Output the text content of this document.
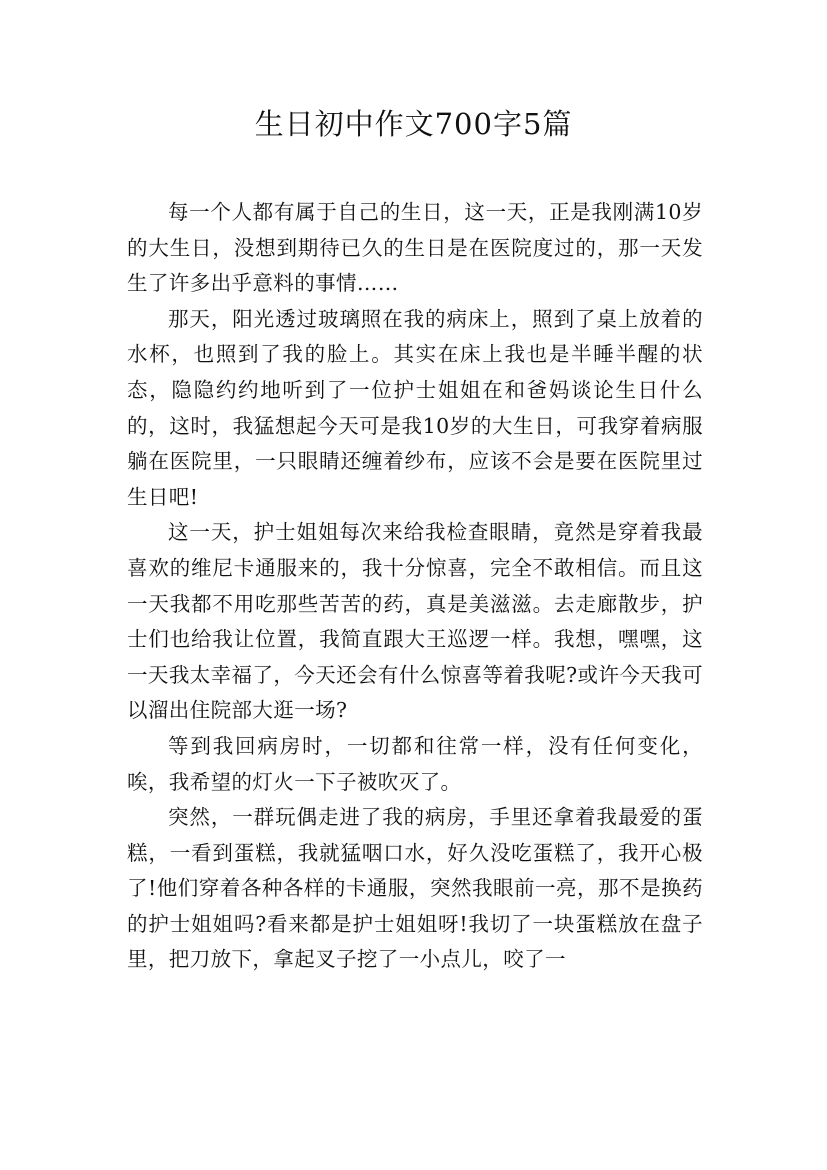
生日初中作文700字5篇

每一个人都有属于自己的生日，这一天，正是我刚满10岁的大生日，没想到期待已久的生日是在医院度过的，那一天发生了许多出乎意料的事情……

那天，阳光透过玻璃照在我的病床上，照到了桌上放着的水杯，也照到了我的脸上。其实在床上我也是半睡半醒的状态，隐隐约约地听到了一位护士姐姐在和爸妈谈论生日什么的，这时，我猛想起今天可是我10岁的大生日，可我穿着病服躺在医院里，一只眼睛还缠着纱布，应该不会是要在医院里过生日吧!

这一天，护士姐姐每次来给我检查眼睛，竟然是穿着我最喜欢的维尼卡通服来的，我十分惊喜，完全不敢相信。而且这一天我都不用吃那些苦苦的药，真是美滋滋。去走廊散步，护士们也给我让位置，我简直跟大王巡逻一样。我想，嘿嘿，这一天我太幸福了，今天还会有什么惊喜等着我呢?或许今天我可以溜出住院部大逛一场?

等到我回病房时，一切都和往常一样，没有任何变化，唉，我希望的灯火一下子被吹灭了。

突然，一群玩偶走进了我的病房，手里还拿着我最爱的蛋糕，一看到蛋糕，我就猛咽口水，好久没吃蛋糕了，我开心极了!他们穿着各种各样的卡通服，突然我眼前一亮，那不是换药的护士姐姐吗?看来都是护士姐姐呀!我切了一块蛋糕放在盘子里，把刀放下，拿起叉子挖了一小点儿，咬了一
